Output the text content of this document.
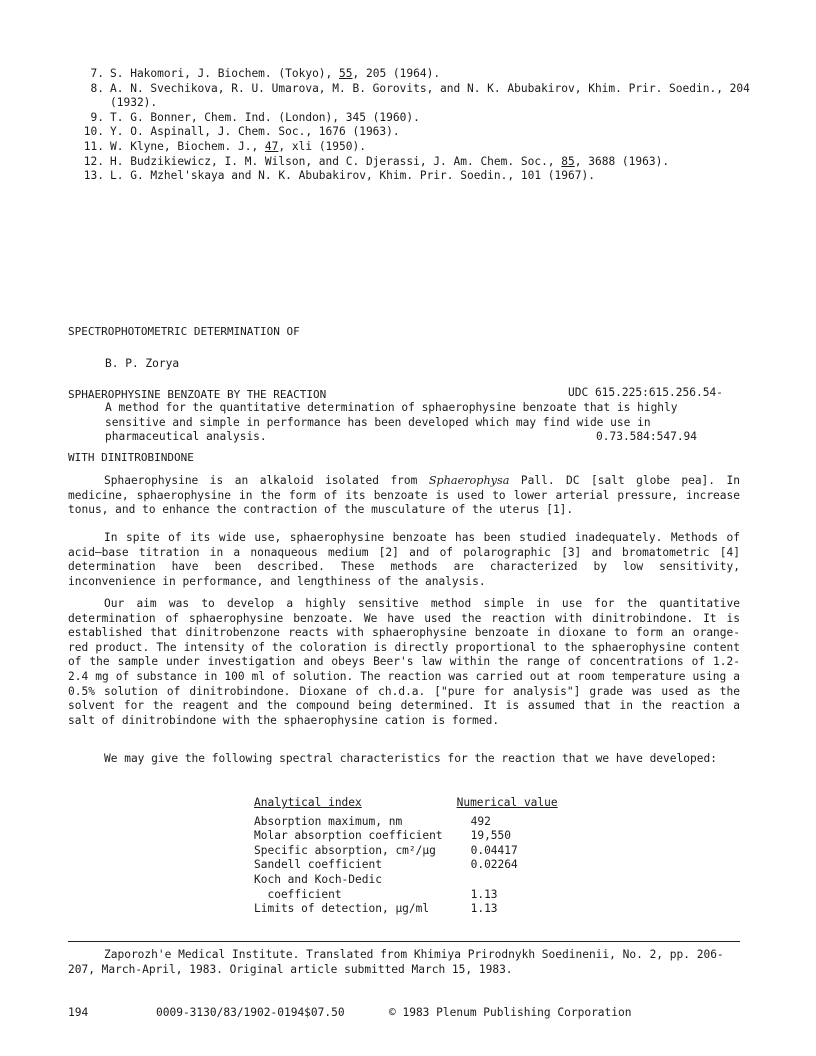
7. S. Hakomori, J. Biochem. (Tokyo), 55, 205 (1964).
8. A. N. Svechikova, R. U. Umarova, M. B. Gorovits, and N. K. Abubakirov, Khim. Prir. Soedin., 204 (1932).
9. T. G. Bonner, Chem. Ind. (London), 345 (1960).
10. Y. O. Aspinall, J. Chem. Soc., 1676 (1963).
11. W. Klyne, Biochem. J., 47, xli (1950).
12. H. Budzikiewicz, I. M. Wilson, and C. Djerassi, J. Am. Chem. Soc., 85, 3688 (1963).
13. L. G. Mzhel'skaya and N. K. Abubakirov, Khim. Prir. Soedin., 101 (1967).

SPECTROPHOTOMETRIC DETERMINATION OF

SPHAEROPHYSINE BENZOATE BY THE REACTION

WITH DINITROBINDONE

B. P. Zorya

UDC 615.225:615.256.54-

0.73.584:547.94

A method for the quantitative determination of sphaerophysine benzoate that is highly sensitive and simple in performance has been developed which may find wide use in pharmaceutical analysis.

Sphaerophysine is an alkaloid isolated from Sphaerophysa Pall. DC [salt globe pea]. In medicine, sphaerophysine in the form of its benzoate is used to lower arterial pressure, increase tonus, and to enhance the contraction of the musculature of the uterus [1].

In spite of its wide use, sphaerophysine benzoate has been studied inadequately. Methods of acid–base titration in a nonaqueous medium [2] and of polarographic [3] and bromatometric [4] determination have been described. These methods are characterized by low sensitivity, inconvenience in performance, and lengthiness of the analysis.

Our aim was to develop a highly sensitive method simple in use for the quantitative determination of sphaerophysine benzoate. We have used the reaction with dinitrobindone. It is established that dinitrobenzone reacts with sphaerophysine benzoate in dioxane to form an orange-red product. The intensity of the coloration is directly proportional to the sphaerophysine content of the sample under investigation and obeys Beer's law within the range of concentrations of 1.2-2.4 mg of substance in 100 ml of solution. The reaction was carried out at room temperature using a 0.5% solution of dinitrobindone. Dioxane of ch.d.a. ["pure for analysis"] grade was used as the solvent for the reagent and the compound being determined. It is assumed that in the reaction a salt of dinitrobindone with the sphaerophysine cation is formed.

We may give the following spectral characteristics for the reaction that we have developed:

Analytical index	Numerical value
Absorption maximum, nm	492
Molar absorption coefficient	19,550
Specific absorption, cm²/μg	0.04417
Sandell coefficient	0.02264
Koch and Koch-Dedic	
coefficient	1.13
Limits of detection, μg/ml	1.13
Zaporozh'e Medical Institute. Translated from Khimiya Prirodnykh Soedinenii, No. 2, pp. 206-207, March-April, 1983. Original article submitted March 15, 1983.
194	0009-3130/83/1902-0194$07.50	© 1983 Plenum Publishing Corporation
